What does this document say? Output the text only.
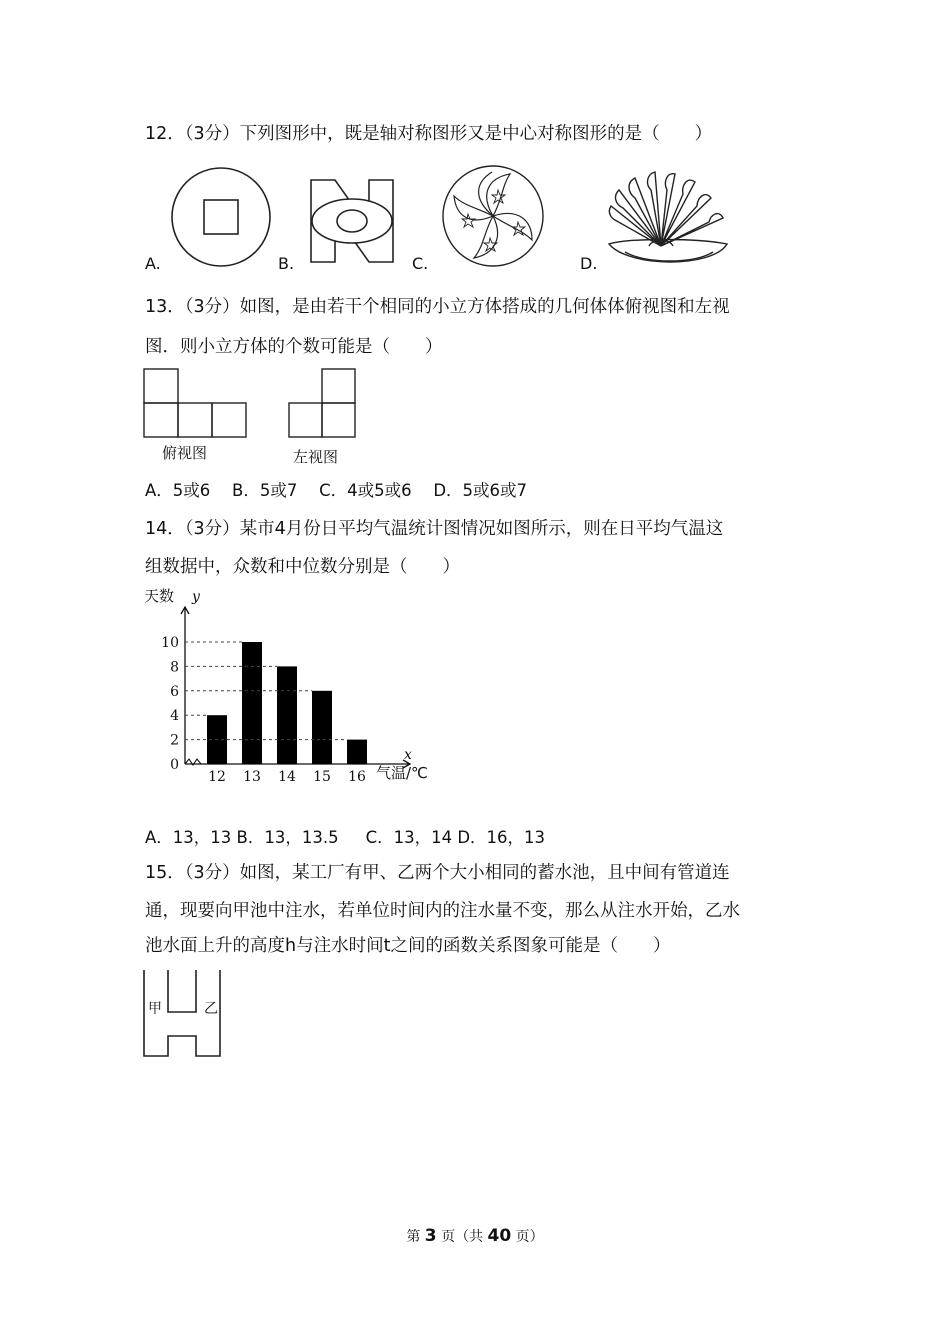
12．（3分）下列图形中，既是轴对称图形又是中心对称图形的是（　　）
A.	B.	C.	D.
13．（3分）如图，是由若干个相同的小立方体搭成的几何体体俯视图和左视
图．则小立方体的个数可能是（　　）
俯视图	左视图
A．5或6　 B．5或7　 C．4或5或6　 D．5或6或7
14．（3分）某市4月份日平均气温统计图情况如图所示，则在日平均气温这
组数据中，众数和中位数分别是（　　）
天数 y
x
气温/℃
0
2
4
6
8
10
12 13 14 15 16
A．13，13 B．13，13.5 　 C．13，14 D．16，13
15．（3分）如图，某工厂有甲、乙两个大小相同的蓄水池，且中间有管道连
通，现要向甲池中注水，若单位时间内的注水量不变，那么从注水开始，乙水
池水面上升的高度h与注水时间t之间的函数关系图象可能是（　　）
甲	乙
第 3 页（共 40 页）
